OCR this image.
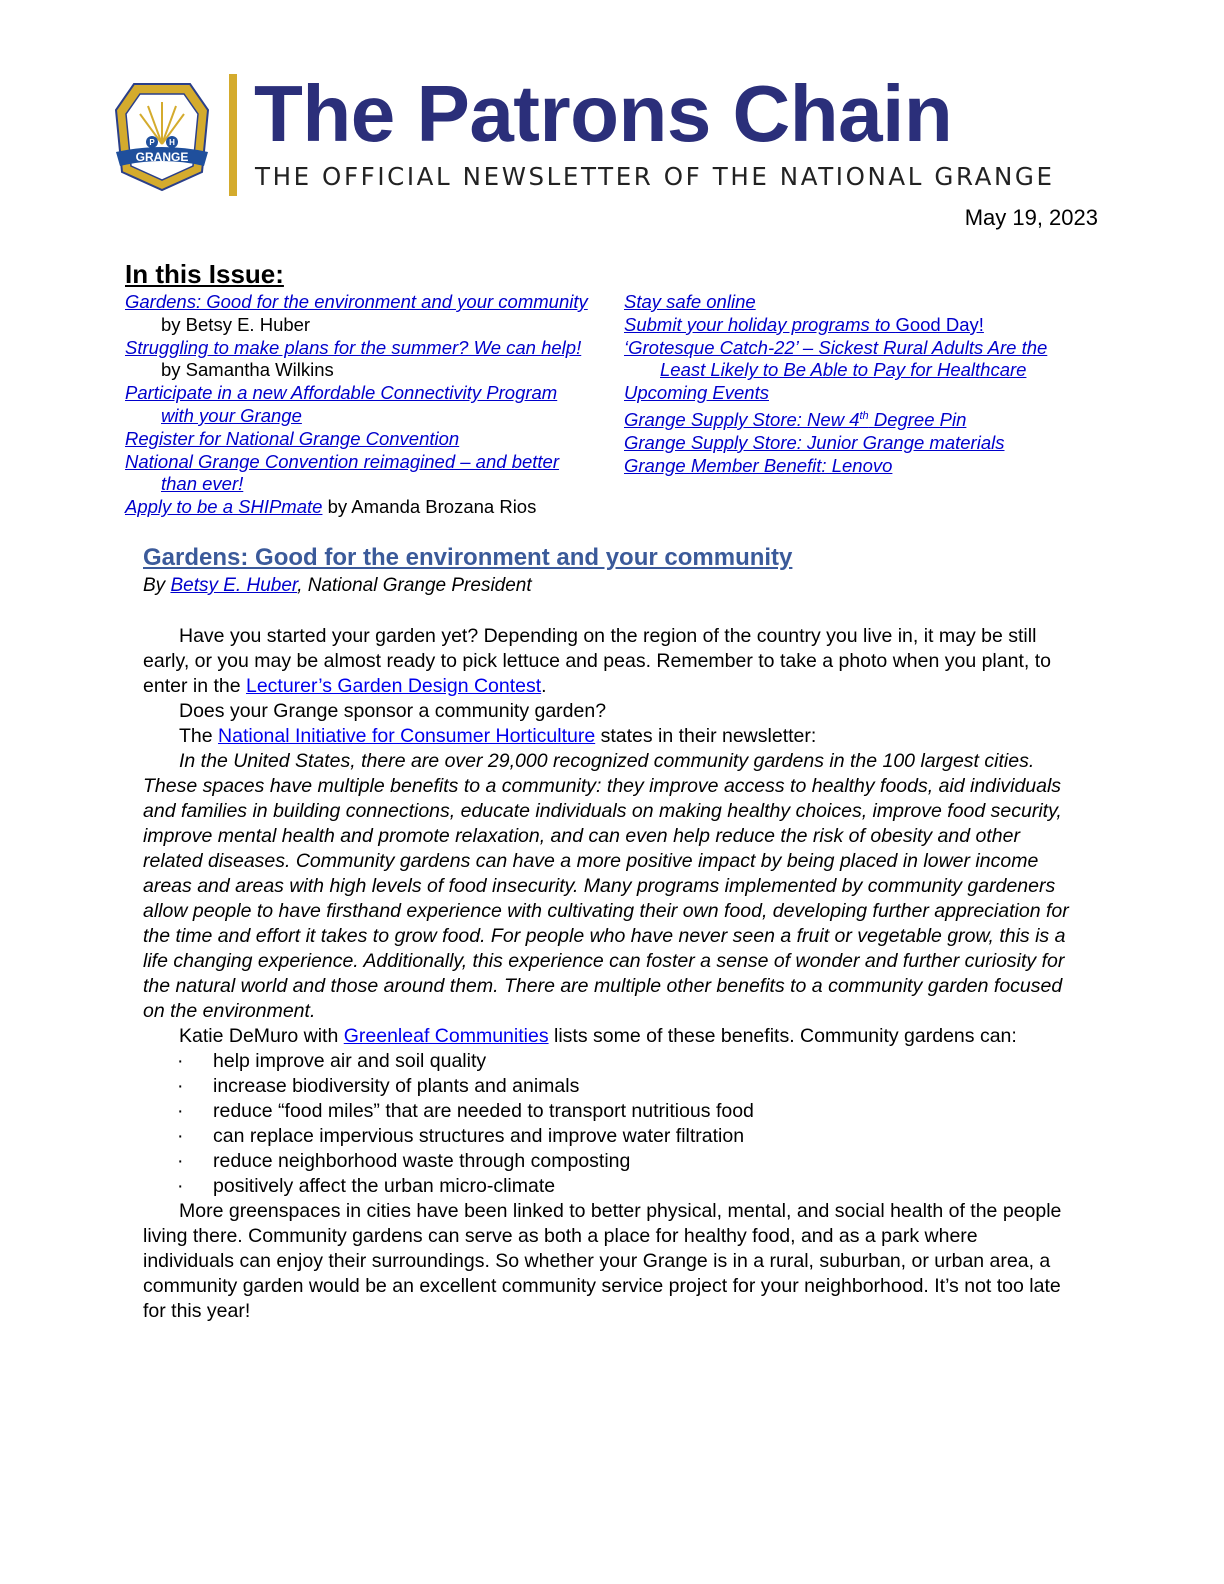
P H
GRANGE The Patrons Chain
THE OFFICIAL NEWSLETTER OF THE NATIONAL GRANGE
May 19, 2023
In this Issue:
Gardens: Good for the environment and your community by Betsy E. Huber
Struggling to make plans for the summer? We can help! by Samantha Wilkins
Participate in a new Affordable Connectivity Program with your Grange
Register for National Grange Convention
National Grange Convention reimagined – and better than ever!
Apply to be a SHIPmate by Amanda Brozana Rios
Stay safe online
Submit your holiday programs to Good Day!
‘Grotesque Catch-22’ – Sickest Rural Adults Are the Least Likely to Be Able to Pay for Healthcare
Upcoming Events
Grange Supply Store: New 4th Degree Pin
Grange Supply Store: Junior Grange materials
Grange Member Benefit: Lenovo
Gardens: Good for the environment and your community

By Betsy E. Huber, National Grange President

Have you started your garden yet? Depending on the region of the country you live in, it may be still early, or you may be almost ready to pick lettuce and peas. Remember to take a photo when you plant, to enter in the Lecturer’s Garden Design Contest.

Does your Grange sponsor a community garden?

The National Initiative for Consumer Horticulture states in their newsletter:

In the United States, there are over 29,000 recognized community gardens in the 100 largest cities. These spaces have multiple benefits to a community: they improve access to healthy foods, aid individuals and families in building connections, educate individuals on making healthy choices, improve food security, improve mental health and promote relaxation, and can even help reduce the risk of obesity and other related diseases. Community gardens can have a more positive impact by being placed in lower income areas and areas with high levels of food insecurity. Many programs implemented by community gardeners allow people to have firsthand experience with cultivating their own food, developing further appreciation for the time and effort it takes to grow food. For people who have never seen a fruit or vegetable grow, this is a life changing experience. Additionally, this experience can foster a sense of wonder and further curiosity for the natural world and those around them. There are multiple other benefits to a community garden focused on the environment.

Katie DeMuro with Greenleaf Communities lists some of these benefits. Community gardens can:

· help improve air and soil quality
· increase biodiversity of plants and animals
· reduce “food miles” that are needed to transport nutritious food
· can replace impervious structures and improve water filtration
· reduce neighborhood waste through composting
· positively affect the urban micro-climate

More greenspaces in cities have been linked to better physical, mental, and social health of the people living there. Community gardens can serve as both a place for healthy food, and as a park where individuals can enjoy their surroundings. So whether your Grange is in a rural, suburban, or urban area, a community garden would be an excellent community service project for your neighborhood. It’s not too late for this year!
